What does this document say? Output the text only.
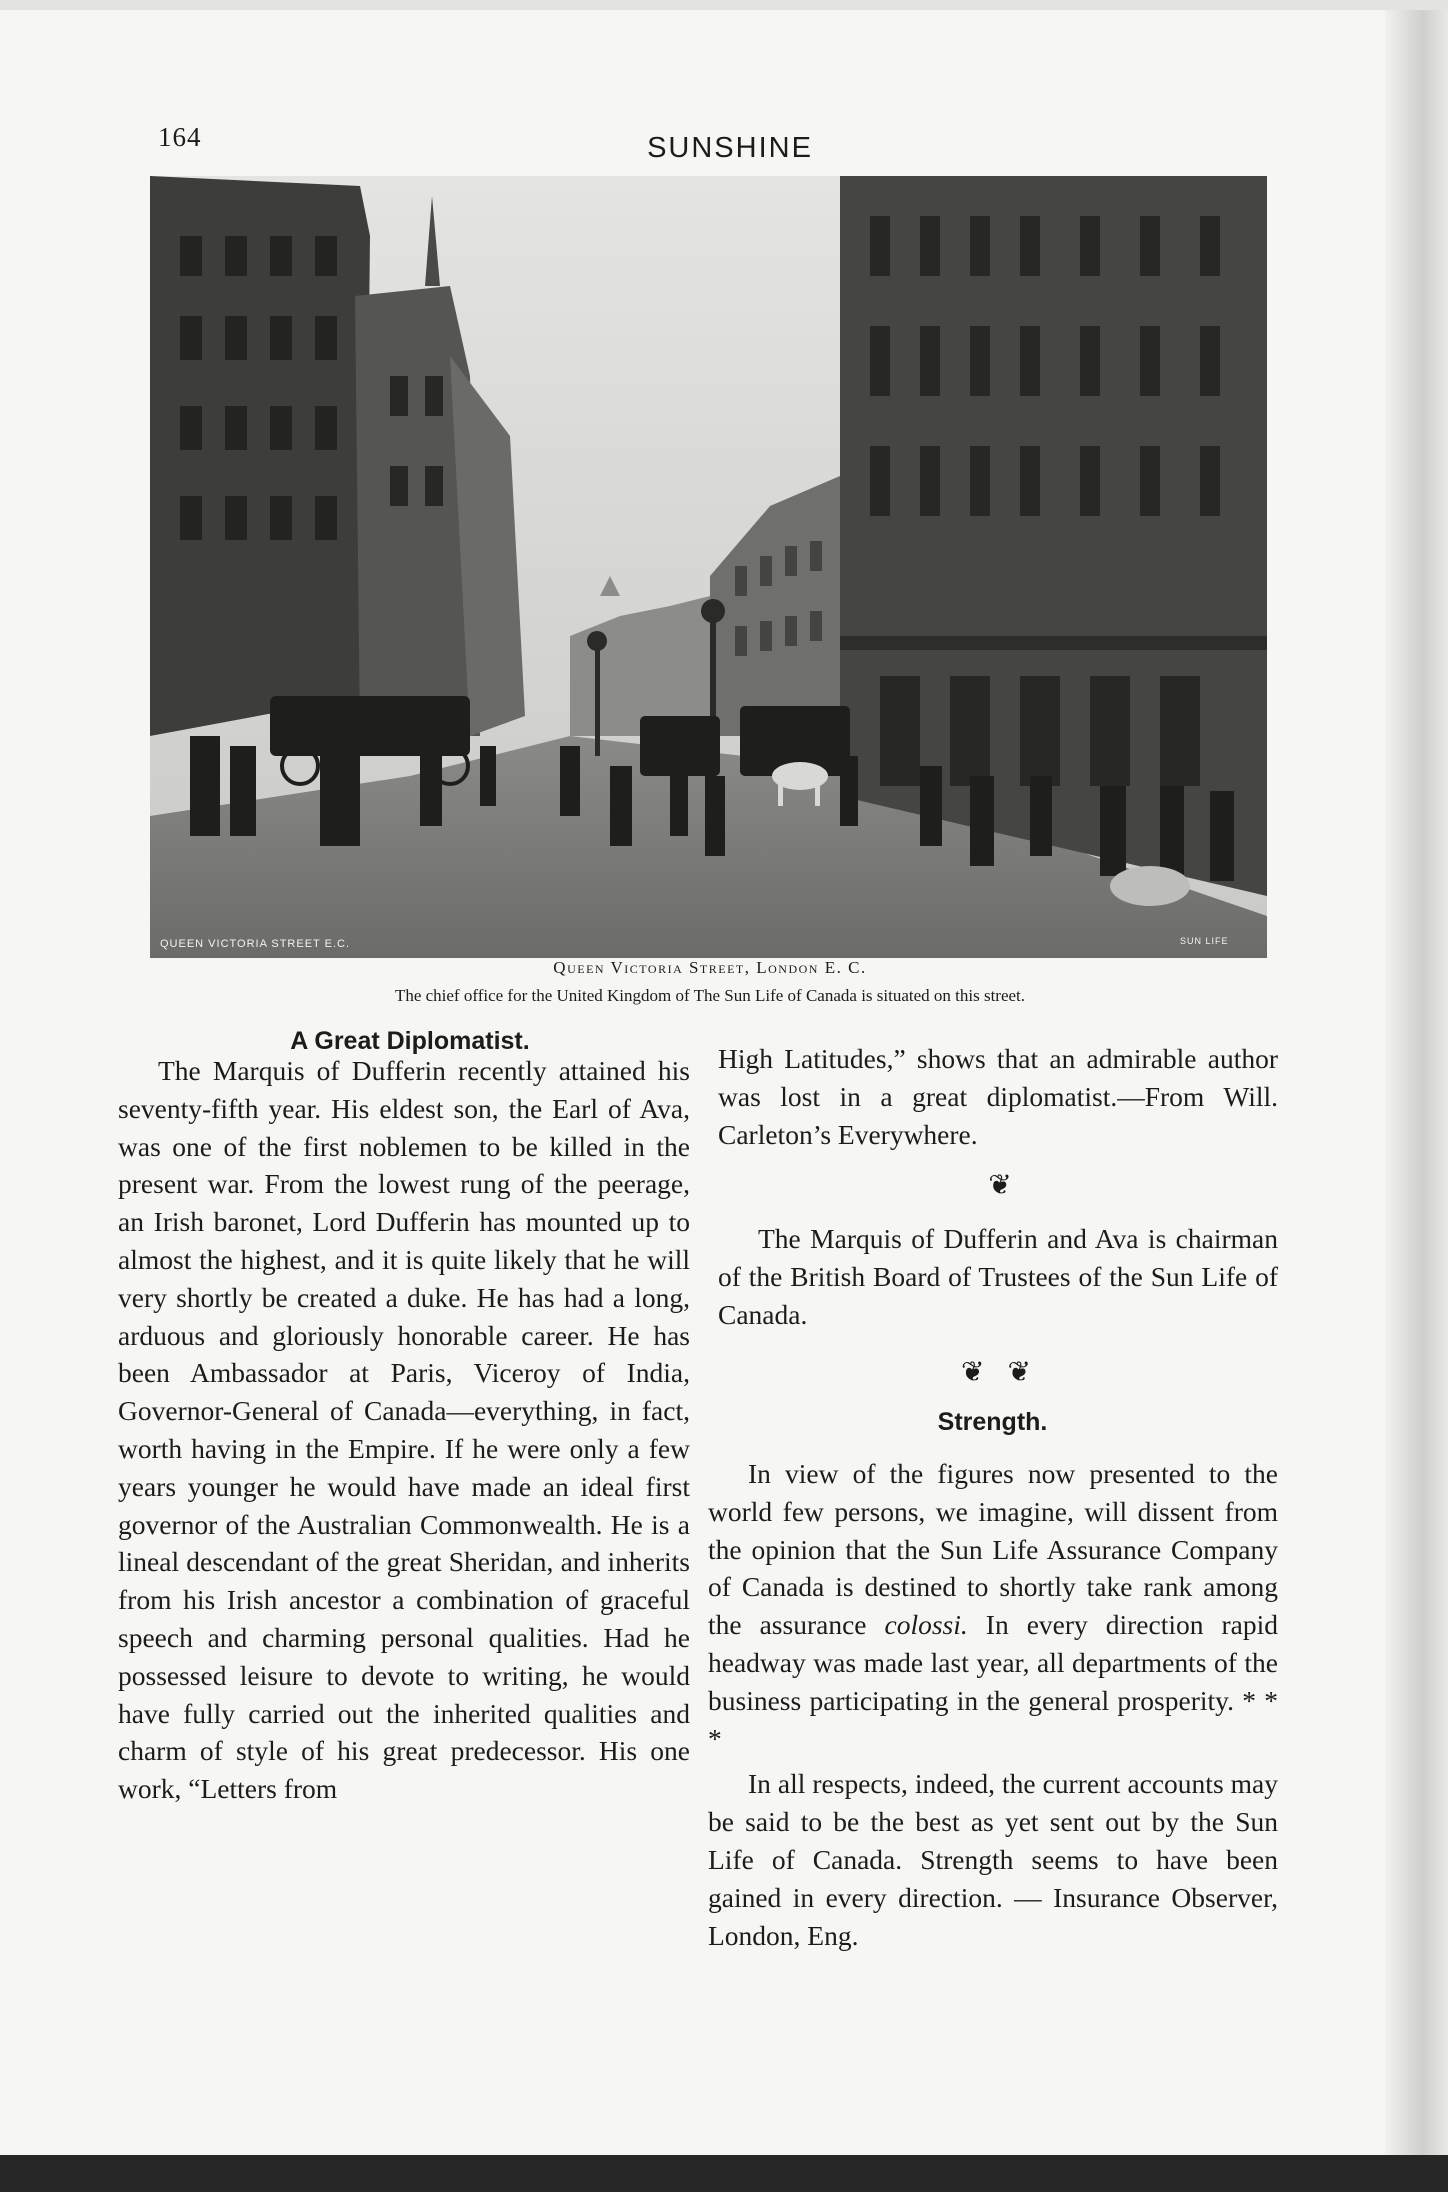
164	SUNSHINE
QUEEN VICTORIA STREET E.C.	SUN LIFE
Queen Victoria Street, London E. C.
The chief office for the United Kingdom of The Sun Life of Canada is situated on this street.
A Great Diplomatist.

The Marquis of Dufferin recently attained his seventy-fifth year. His eldest son, the Earl of Ava, was one of the first noblemen to be killed in the present war. From the lowest rung of the peerage, an Irish baronet, Lord Dufferin has mounted up to almost the highest, and it is quite likely that he will very shortly be created a duke. He has had a long, arduous and gloriously honorable career. He has been Ambassador at Paris, Viceroy of India, Governor-General of Canada—everything, in fact, worth having in the Empire. If he were only a few years younger he would have made an ideal first governor of the Australian Commonwealth. He is a lineal descendant of the great Sheridan, and inherits from his Irish ancestor a combination of graceful speech and charming personal qualities. Had he possessed leisure to devote to writing, he would have fully carried out the inherited qualities and charm of style of his great predecessor. His one work, “Letters from

❦

The Marquis of Dufferin and Ava is chairman of the British Board of Trustees of the Sun Life of Canada.

❦ ❦
Strength.

In view of the figures now presented to the world few persons, we imagine, will dissent from the opinion that the Sun Life Assurance Company of Canada is destined to shortly take rank among the assurance colossi. In every direction rapid headway was made last year, all departments of the business participating in the general prosperity. * * *

In all respects, indeed, the current accounts may be said to be the best as yet sent out by the Sun Life of Canada. Strength seems to have been gained in every direction. — Insurance Observer, London, Eng.

High Latitudes,” shows that an admirable author was lost in a great diplomatist.—From Will. Carleton’s Everywhere.
